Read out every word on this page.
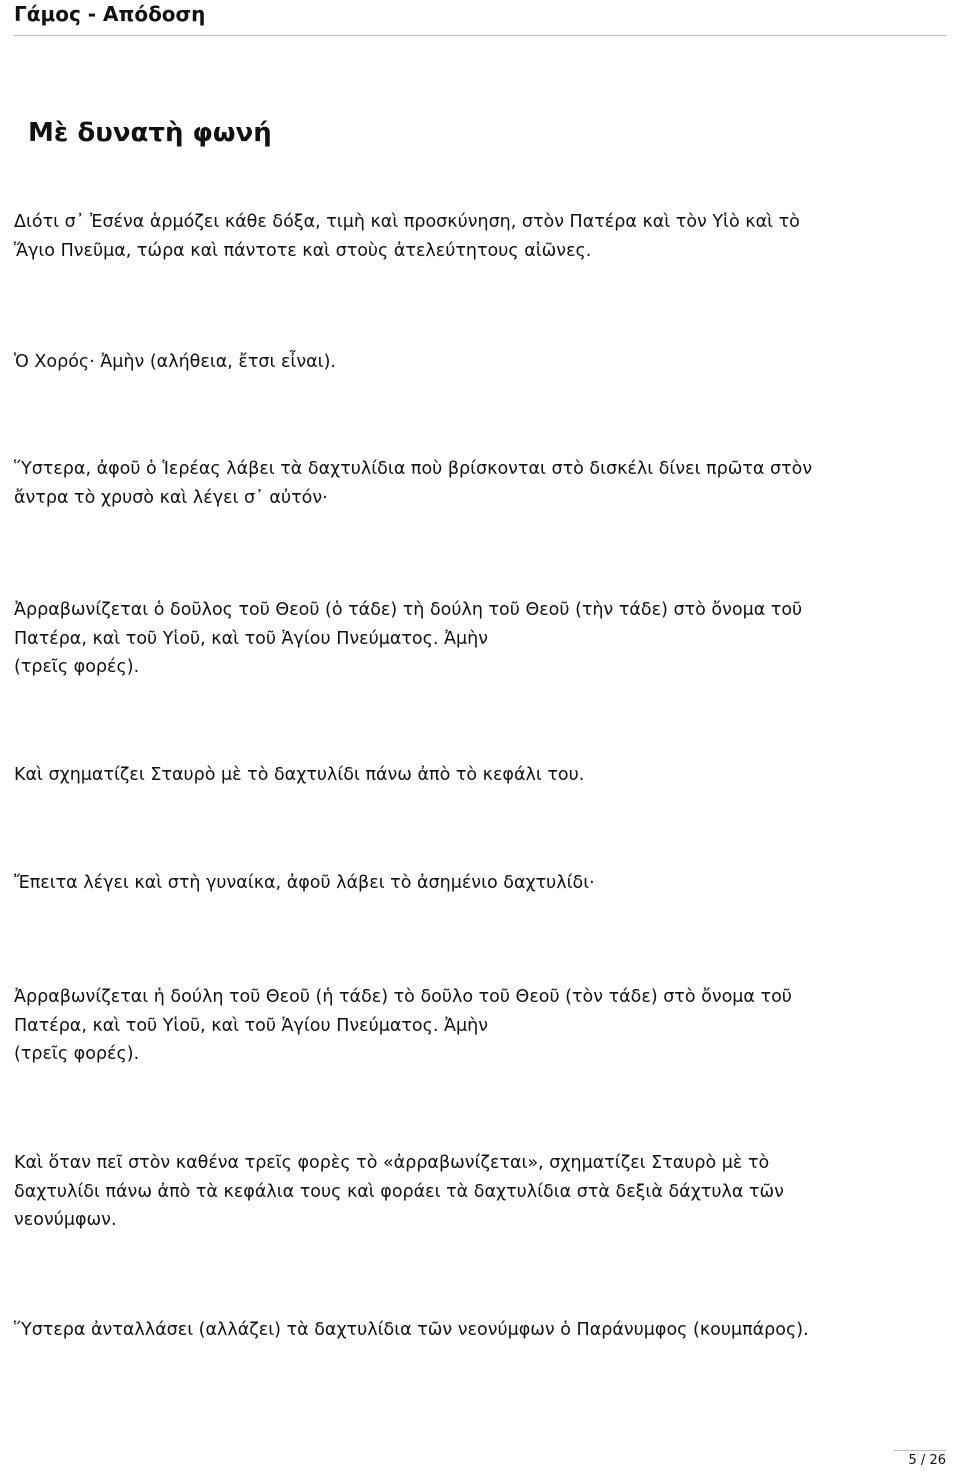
Γάμος - Απόδοση
Μὲ δυνατὴ φωνή

Διότι σ᾿ Ἐσένα ἁρμόζει κάθε δόξα, τιμὴ καὶ προσκύνηση, στὸν Πατέρα καὶ τὸν Υἱὸ καὶ τὸ
Ἅγιο Πνεῦμα, τώρα καὶ πάντοτε καὶ στοὺς ἀτελεύτητους αἰῶνες.

Ὁ Χορός· Ἀμὴν (αλήθεια, ἔτσι εἶναι).

Ὕστερα, ἀφοῦ ὁ Ἱερέας λάβει τὰ δαχτυλίδια ποὺ βρίσκονται στὸ δισκέλι δίνει πρῶτα στὸν
ἄντρα τὸ χρυσὸ καὶ λέγει σ᾿ αὐτόν·

Ἀρραβωνίζεται ὁ δοῦλος τοῦ Θεοῦ (ὁ τάδε) τὴ δούλη τοῦ Θεοῦ (τὴν τάδε) στὸ ὄνομα τοῦ
Πατέρα, καὶ τοῦ Υἱοῦ, καὶ τοῦ Ἁγίου Πνεύματος. Ἀμὴν
(τρεῖς φορές).

Καὶ σχηματίζει Σταυρὸ μὲ τὸ δαχτυλίδι πάνω ἀπὸ τὸ κεφάλι του.

Ἔπειτα λέγει καὶ στὴ γυναίκα, ἀφοῦ λάβει τὸ ἀσημένιο δαχτυλίδι·

Ἀρραβωνίζεται ἡ δούλη τοῦ Θεοῦ (ἡ τάδε) τὸ δοῦλο τοῦ Θεοῦ (τὸν τάδε) στὸ ὄνομα τοῦ
Πατέρα, καὶ τοῦ Υἱοῦ, καὶ τοῦ Ἁγίου Πνεύματος. Ἀμὴν
(τρεῖς φορές).

Καὶ ὅταν πεῖ στὸν καθένα τρεῖς φορὲς τὸ «ἀρραβωνίζεται», σχηματίζει Σταυρὸ μὲ τὸ
δαχτυλίδι πάνω ἀπὸ τὰ κεφάλια τους καὶ φοράει τὰ δαχτυλίδια στὰ δεξιὰ δάχτυλα τῶν
νεονύμφων.

Ὕστερα ἀνταλλάσει (αλλάζει) τὰ δαχτυλίδια τῶν νεονύμφων ὁ Παράνυμφος (κουμπάρος).

5 / 26
